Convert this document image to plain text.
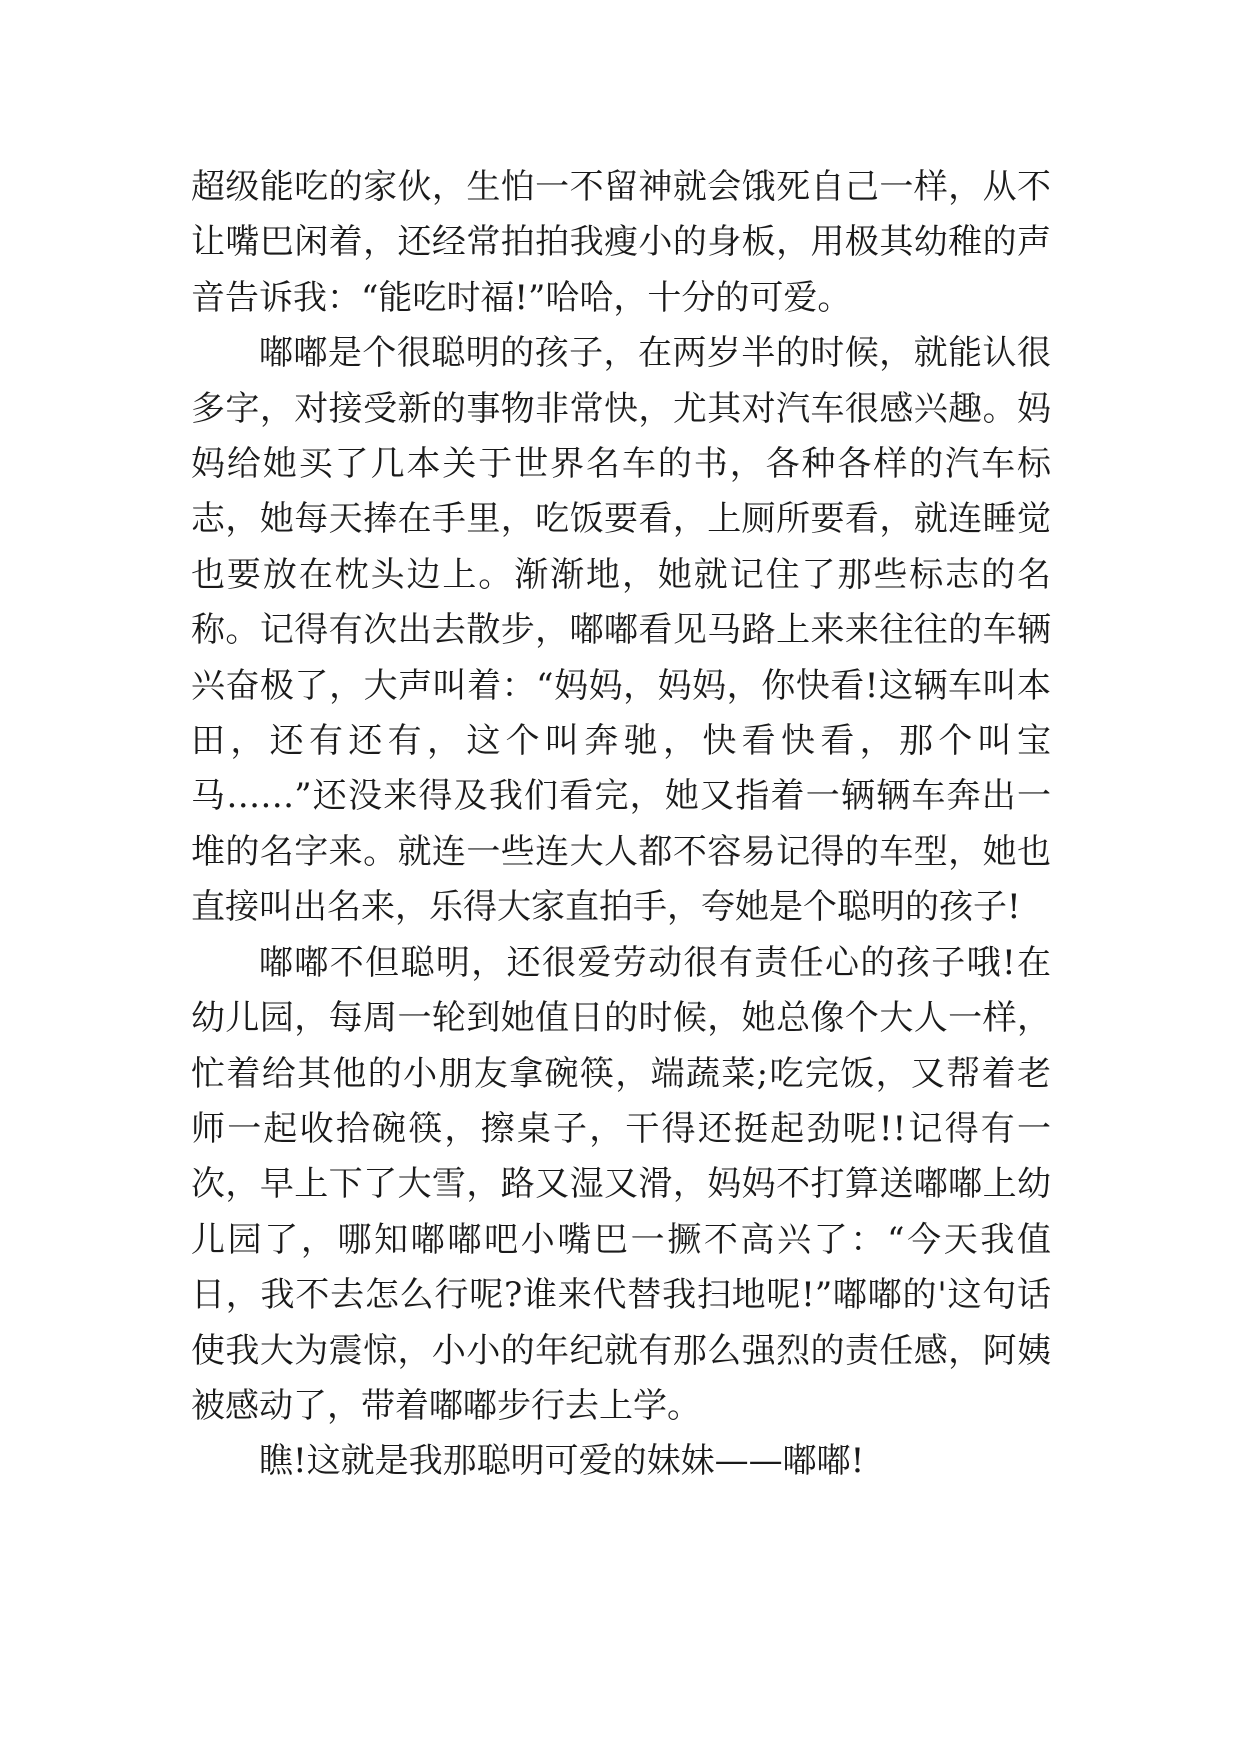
超级能吃的家伙，生怕一不留神就会饿死自己一样，从不让嘴巴闲着，还经常拍拍我瘦小的身板，用极其幼稚的声音告诉我：“能吃时福!”哈哈，十分的可爱。

嘟嘟是个很聪明的孩子，在两岁半的时候，就能认很多字，对接受新的事物非常快，尤其对汽车很感兴趣。妈妈给她买了几本关于世界名车的书，各种各样的汽车标志，她每天捧在手里，吃饭要看，上厕所要看，就连睡觉也要放在枕头边上。渐渐地，她就记住了那些标志的名称。记得有次出去散步，嘟嘟看见马路上来来往往的车辆兴奋极了，大声叫着：“妈妈，妈妈，你快看!这辆车叫本田，还有还有，这个叫奔驰，快看快看，那个叫宝马……”还没来得及我们看完，她又指着一辆辆车奔出一堆的名字来。就连一些连大人都不容易记得的车型，她也直接叫出名来，乐得大家直拍手，夸她是个聪明的孩子!

嘟嘟不但聪明，还很爱劳动很有责任心的孩子哦!在幼儿园，每周一轮到她值日的时候，她总像个大人一样，忙着给其他的小朋友拿碗筷，端蔬菜;吃完饭，又帮着老师一起收拾碗筷，擦桌子，干得还挺起劲呢!!记得有一次，早上下了大雪，路又湿又滑，妈妈不打算送嘟嘟上幼儿园了，哪知嘟嘟吧小嘴巴一撅不高兴了：“今天我值日，我不去怎么行呢?谁来代替我扫地呢!”嘟嘟的'这句话使我大为震惊，小小的年纪就有那么强烈的责任感，阿姨被感动了，带着嘟嘟步行去上学。

瞧!这就是我那聪明可爱的妹妹——嘟嘟!
